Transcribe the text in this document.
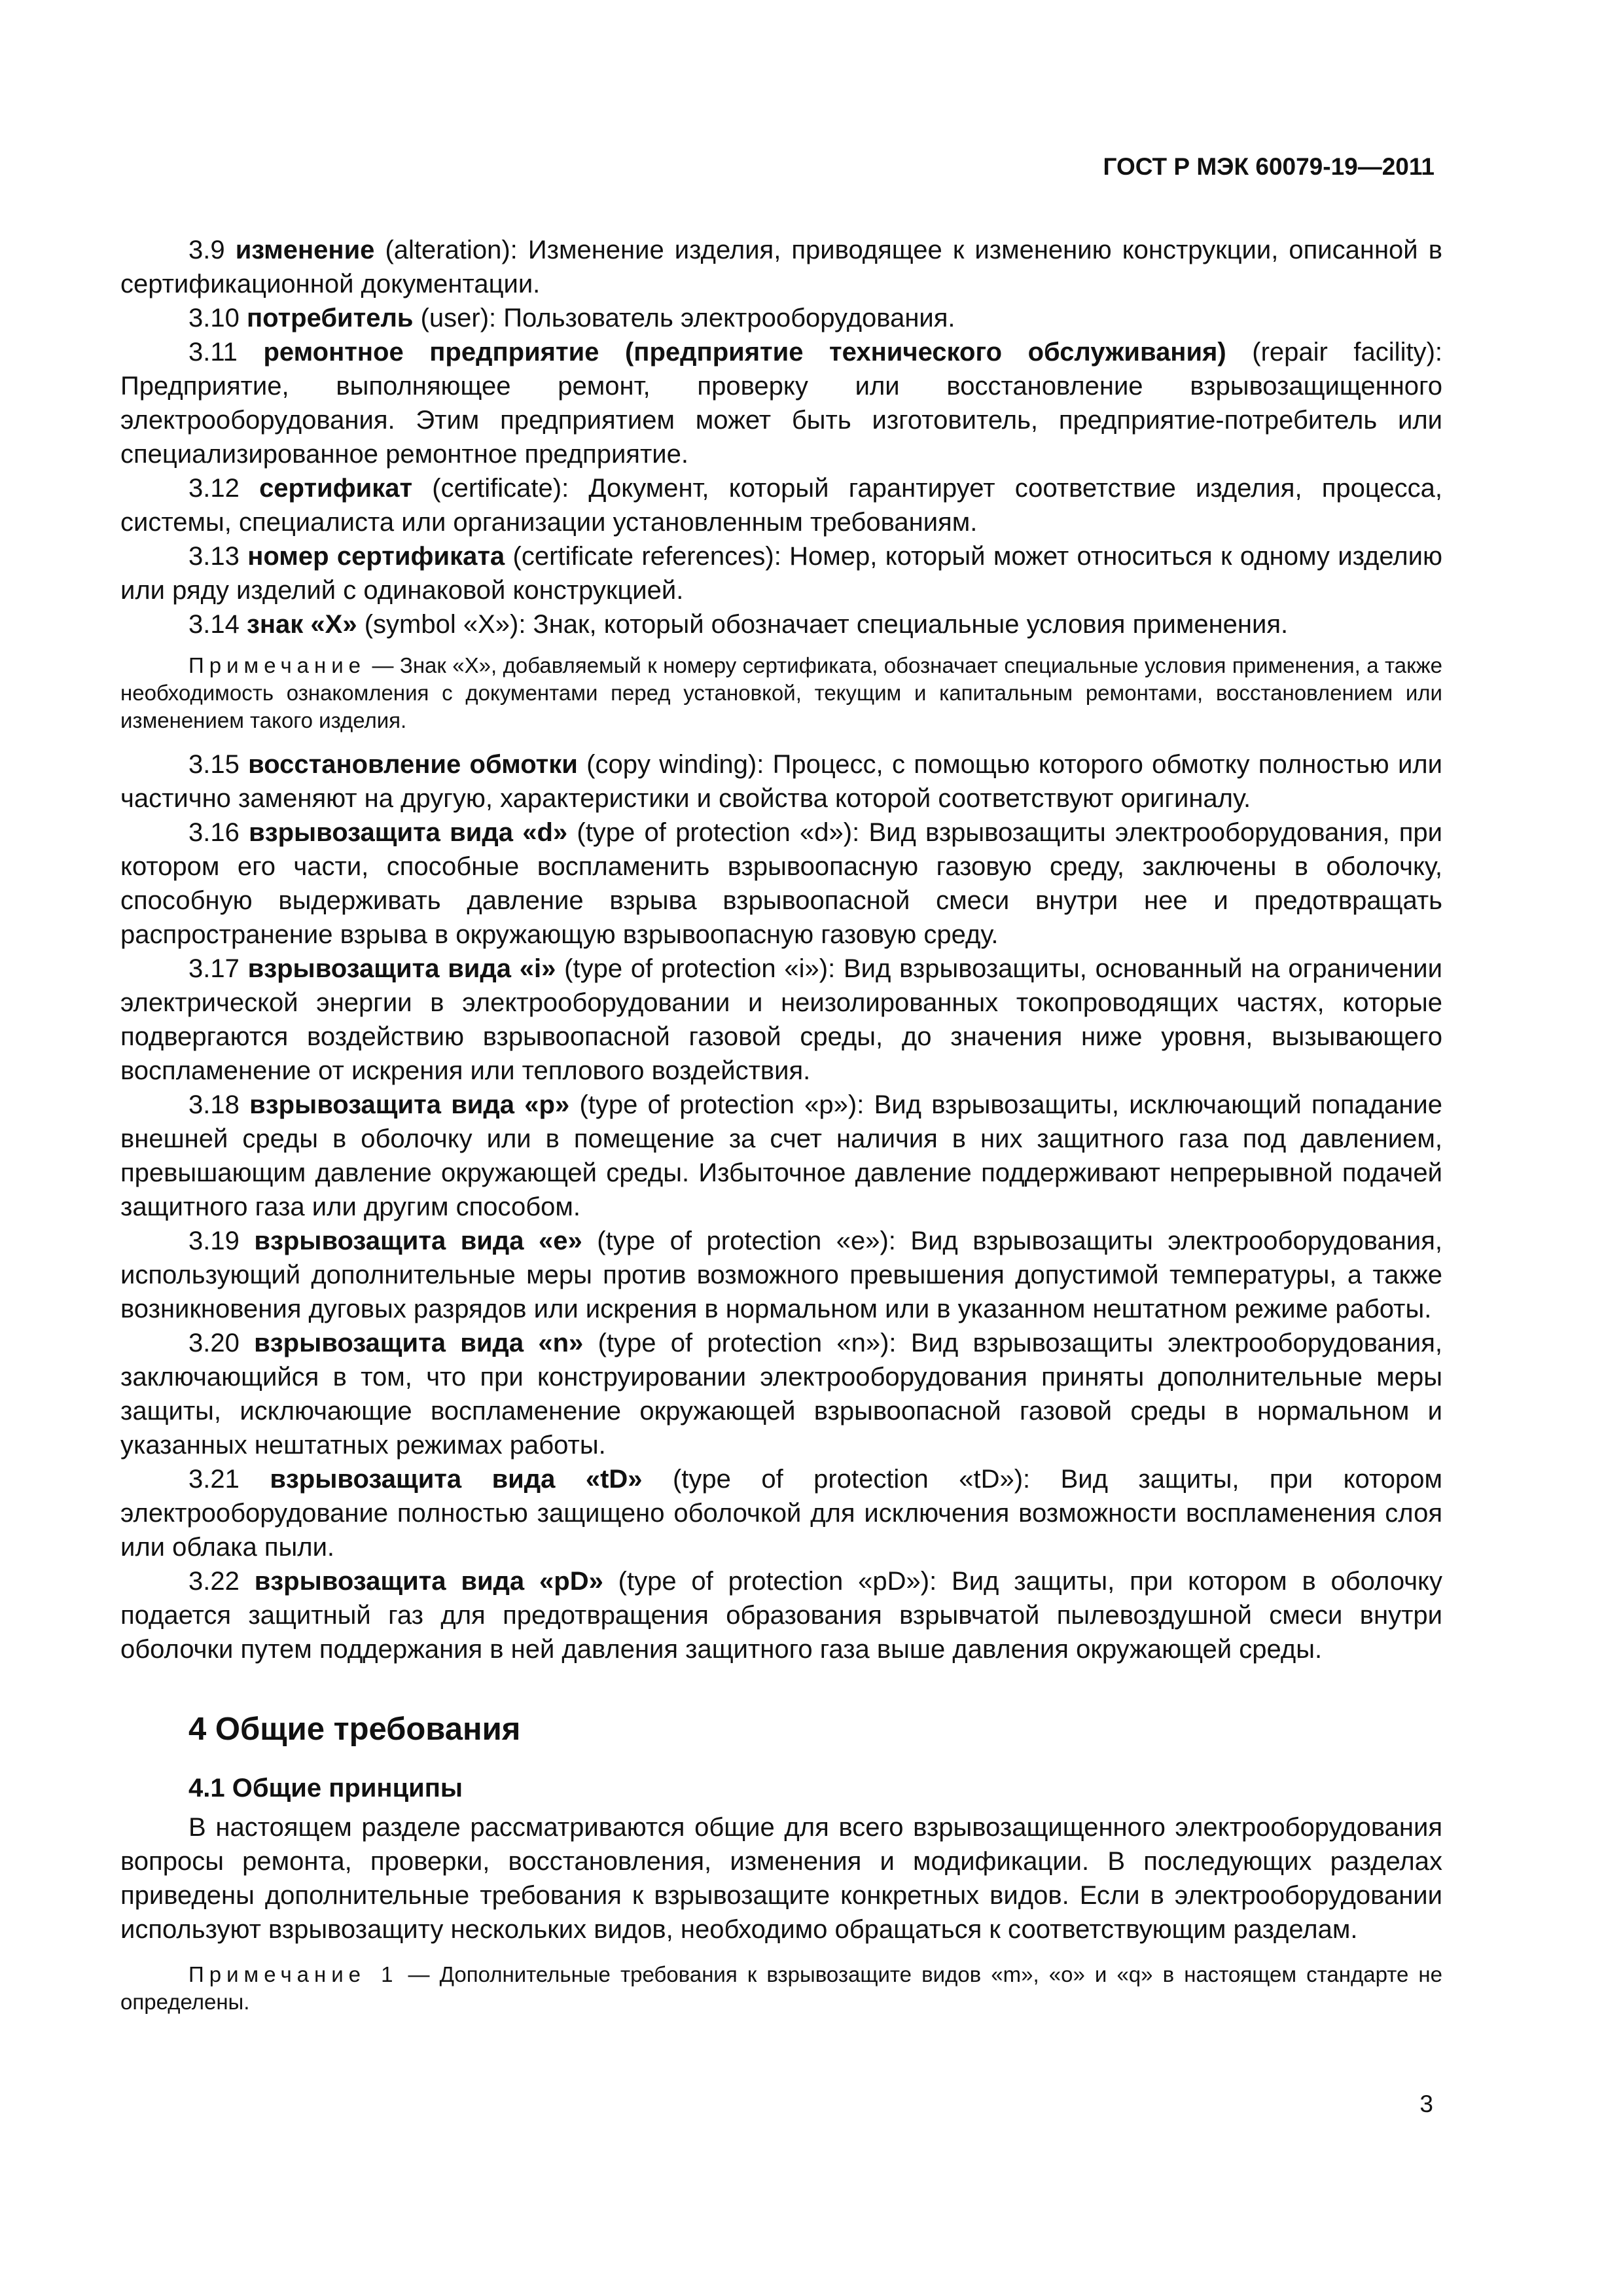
ГОСТ Р МЭК 60079-19—2011

3.9 изменение (alteration): Изменение изделия, приводящее к изменению конструкции, описанной в сертификационной документации.

3.10 потребитель (user): Пользователь электрооборудования.

3.11 ремонтное предприятие (предприятие технического обслуживания) (repair facility): Предприятие, выполняющее ремонт, проверку или восстановление взрывозащищенного электрооборудования. Этим предприятием может быть изготовитель, предприятие-потребитель или специализированное ремонтное предприятие.

3.12 сертификат (certificate): Документ, который гарантирует соответствие изделия, процесса, системы, специалиста или организации установленным требованиям.

3.13 номер сертификата (certificate references): Номер, который может относиться к одному изделию или ряду изделий с одинаковой конструкцией.

3.14 знак «Х» (symbol «X»): Знак, который обозначает специальные условия применения.

Примечание — Знак «Х», добавляемый к номеру сертификата, обозначает специальные условия применения, а также необходимость ознакомления с документами перед установкой, текущим и капитальным ремонтами, восстановлением или изменением такого изделия.

3.15 восстановление обмотки (copy winding): Процесс, с помощью которого обмотку полностью или частично заменяют на другую, характеристики и свойства которой соответствуют оригиналу.

3.16 взрывозащита вида «d» (type of protection «d»): Вид взрывозащиты электрооборудования, при котором его части, способные воспламенить взрывоопасную газовую среду, заключены в оболочку, способную выдерживать давление взрыва взрывоопасной смеси внутри нее и предотвращать распространение взрыва в окружающую взрывоопасную газовую среду.

3.17 взрывозащита вида «i» (type of protection «i»): Вид взрывозащиты, основанный на ограничении электрической энергии в электрооборудовании и неизолированных токопроводящих частях, которые подвергаются воздействию взрывоопасной газовой среды, до значения ниже уровня, вызывающего воспламенение от искрения или теплового воздействия.

3.18 взрывозащита вида «р» (type of protection «p»): Вид взрывозащиты, исключающий попадание внешней среды в оболочку или в помещение за счет наличия в них защитного газа под давлением, превышающим давление окружающей среды. Избыточное давление поддерживают непрерывной подачей защитного газа или другим способом.

3.19 взрывозащита вида «е» (type of protection «e»): Вид взрывозащиты электрооборудования, использующий дополнительные меры против возможного превышения допустимой температуры, а также возникновения дуговых разрядов или искрения в нормальном или в указанном нештатном режиме работы.

3.20 взрывозащита вида «n» (type of protection «n»): Вид взрывозащиты электрооборудования, заключающийся в том, что при конструировании электрооборудования приняты дополнительные меры защиты, исключающие воспламенение окружающей взрывоопасной газовой среды в нормальном и указанных нештатных режимах работы.

3.21 взрывозащита вида «tD» (type of protection «tD»): Вид защиты, при котором электрооборудование полностью защищено оболочкой для исключения возможности воспламенения слоя или облака пыли.

3.22 взрывозащита вида «pD» (type of protection «pD»): Вид защиты, при котором в оболочку подается защитный газ для предотвращения образования взрывчатой пылевоздушной смеси внутри оболочки путем поддержания в ней давления защитного газа выше давления окружающей среды.

4 Общие требования
4.1 Общие принципы

В настоящем разделе рассматриваются общие для всего взрывозащищенного электрооборудования вопросы ремонта, проверки, восстановления, изменения и модификации. В последующих разделах приведены дополнительные требования к взрывозащите конкретных видов. Если в электрооборудовании используют взрывозащиту нескольких видов, необходимо обращаться к соответствующим разделам.

Примечание 1 — Дополнительные требования к взрывозащите видов «m», «о» и «q» в настоящем стандарте не определены.

3
